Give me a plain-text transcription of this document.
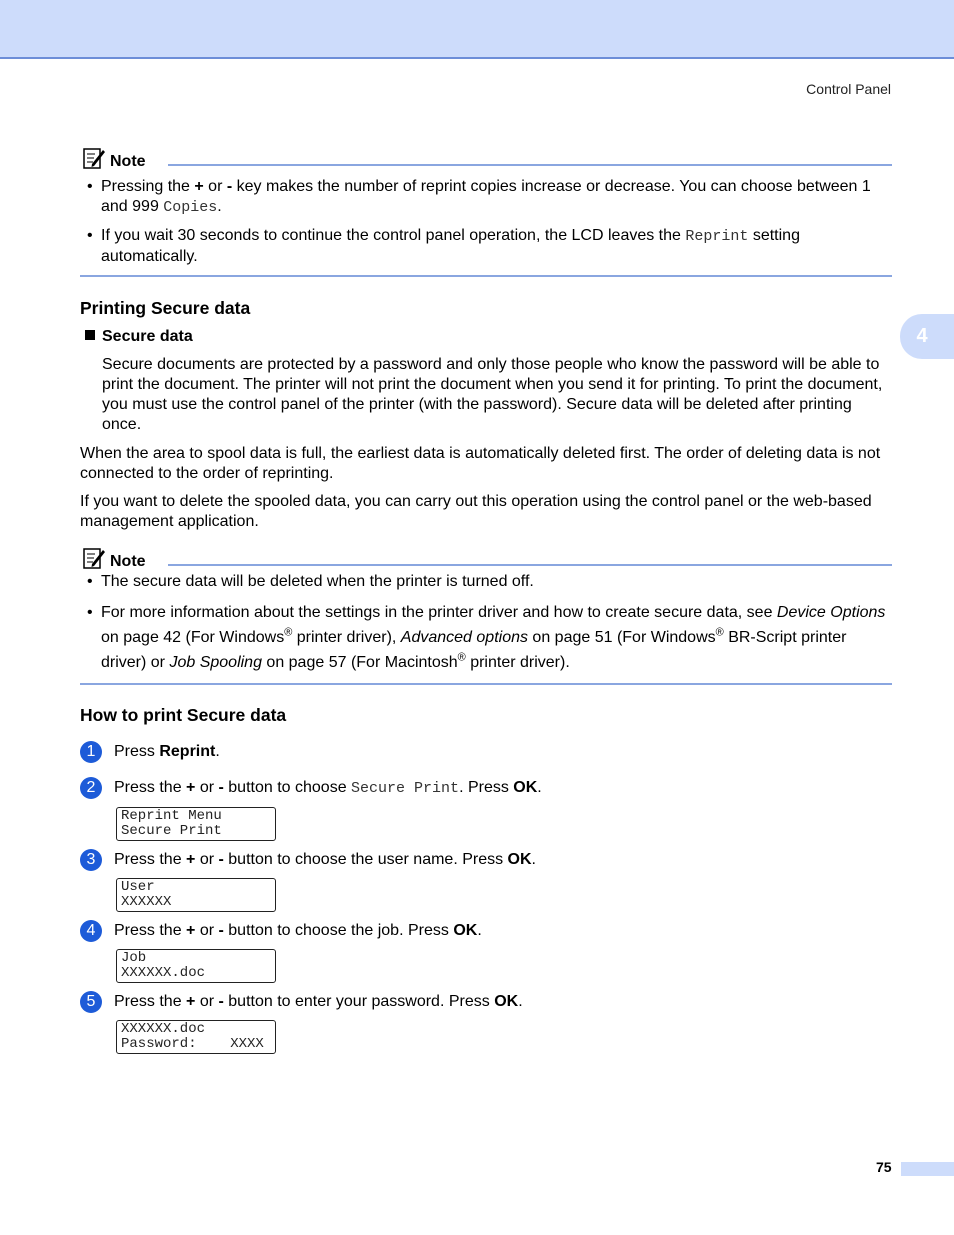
Control Panel
4
Note
• Pressing the + or - key makes the number of reprint copies increase or decrease. You can choose between 1 and 999 Copies.
• If you wait 30 seconds to continue the control panel operation, the LCD leaves the Reprint setting automatically.
Printing Secure data

Secure data

Secure documents are protected by a password and only those people who know the password will be able to print the document. The printer will not print the document when you send it for printing. To print the document, you must use the control panel of the printer (with the password). Secure data will be deleted after printing once.

When the area to spool data is full, the earliest data is automatically deleted first. The order of deleting data is not connected to the order of reprinting.

If you want to delete the spooled data, you can carry out this operation using the control panel or the web-based management application.

Note
• The secure data will be deleted when the printer is turned off.
• For more information about the settings in the printer driver and how to create secure data, see Device Options on page 42 (For Windows® printer driver), Advanced options on page 51 (For Windows® BR-Script printer driver) or Job Spooling on page 57 (For Macintosh® printer driver).
How to print Secure data
1	Press Reprint.
2	Press the + or - button to choose Secure Print. Press OK.
Reprint Menu
Secure Print
3	Press the + or - button to choose the user name. Press OK.
User
XXXXXX
4	Press the + or - button to choose the job. Press OK.
Job
XXXXXX.doc
5	Press the + or - button to enter your password. Press OK.
XXXXXX.doc
Password:    XXXX
75
